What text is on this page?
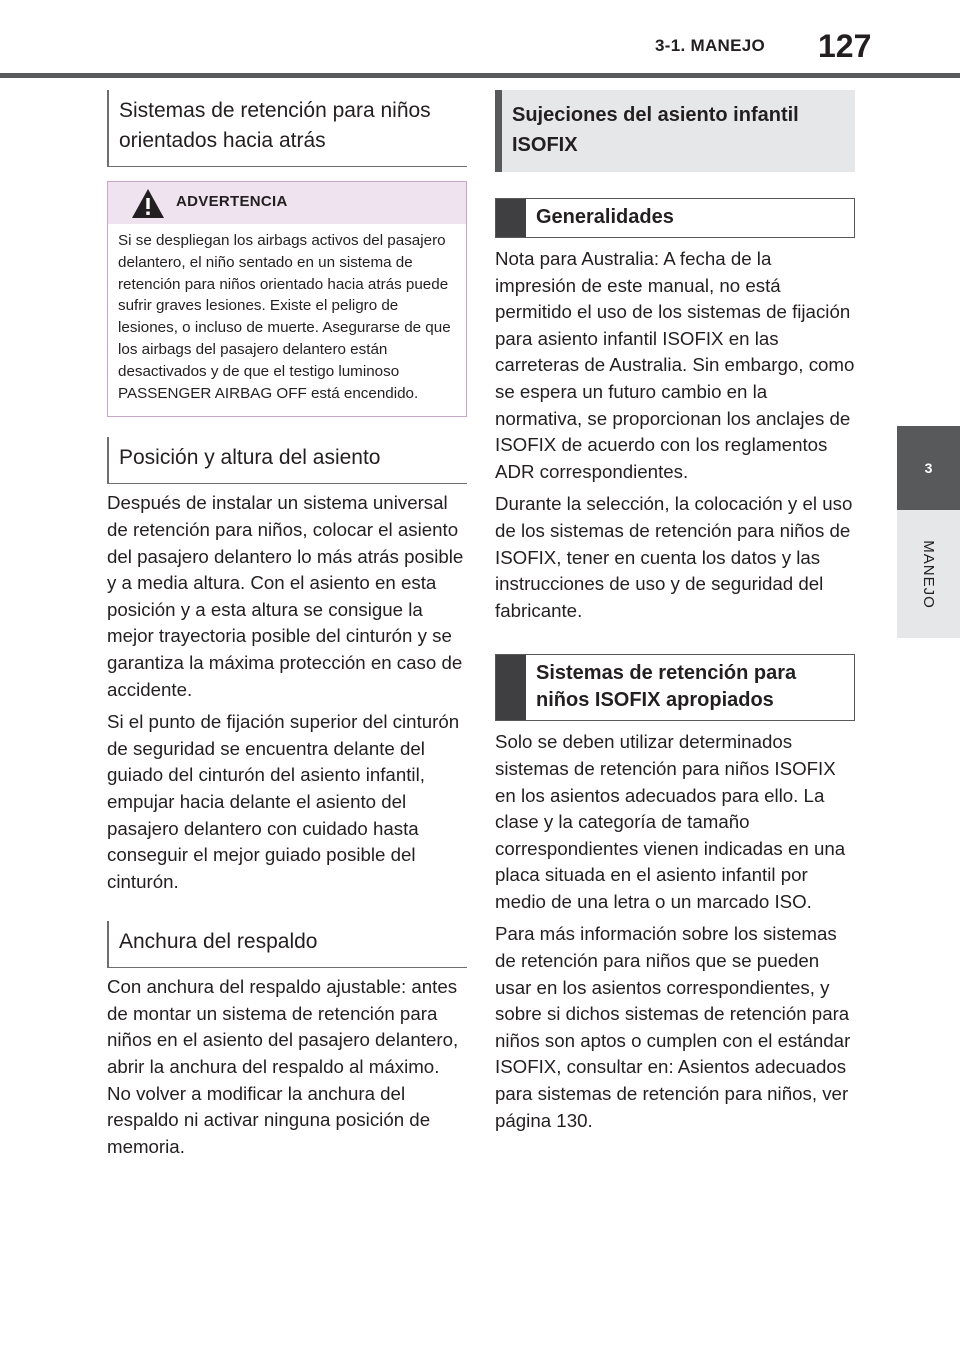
3-1. MANEJO 127
3
MANEJO
Sistemas de retención para niños orientados hacia atrás
ADVERTENCIA
Si se despliegan los airbags activos del pasajero delantero, el niño sentado en un sistema de retención para niños orientado hacia atrás puede sufrir graves lesiones. Existe el peligro de lesiones, o incluso de muerte. Asegurarse de que los airbags del pasajero delantero están desactivados y de que el testigo luminoso PASSENGER AIRBAG OFF está encendido.
Posición y altura del asiento

Después de instalar un sistema universal de retención para niños, colocar el asiento del pasajero delantero lo más atrás posible y a media altura. Con el asiento en esta posición y a esta altura se consigue la mejor trayectoria posible del cinturón y se garantiza la máxima protección en caso de accidente.

Si el punto de fijación superior del cinturón de seguridad se encuentra delante del guiado del cinturón del asiento infantil, empujar hacia delante el asiento del pasajero delantero con cuidado hasta conseguir el mejor guiado posible del cinturón.

Anchura del respaldo

Con anchura del respaldo ajustable: antes de montar un sistema de retención para niños en el asiento del pasajero delantero, abrir la anchura del respaldo al máximo. No volver a modificar la anchura del respaldo ni activar ninguna posición de memoria.

Sujeciones del asiento infantil ISOFIX
Generalidades

Nota para Australia: A fecha de la impresión de este manual, no está permitido el uso de los sistemas de fijación para asiento infantil ISOFIX en las carreteras de Australia. Sin embargo, como se espera un futuro cambio en la normativa, se proporcionan los anclajes de ISOFIX de acuerdo con los reglamentos ADR correspondientes.

Durante la selección, la colocación y el uso de los sistemas de retención para niños de ISOFIX, tener en cuenta los datos y las instrucciones de uso y de seguridad del fabricante.

Sistemas de retención para niños ISOFIX apropiados

Solo se deben utilizar determinados sistemas de retención para niños ISOFIX en los asientos adecuados para ello. La clase y la categoría de tamaño correspondientes vienen indicadas en una placa situada en el asiento infantil por medio de una letra o un marcado ISO.

Para más información sobre los sistemas de retención para niños que se pueden usar en los asientos correspondientes, y sobre si dichos sistemas de retención para niños son aptos o cumplen con el estándar ISOFIX, consultar en: Asientos adecuados para sistemas de retención para niños, ver página 130.
